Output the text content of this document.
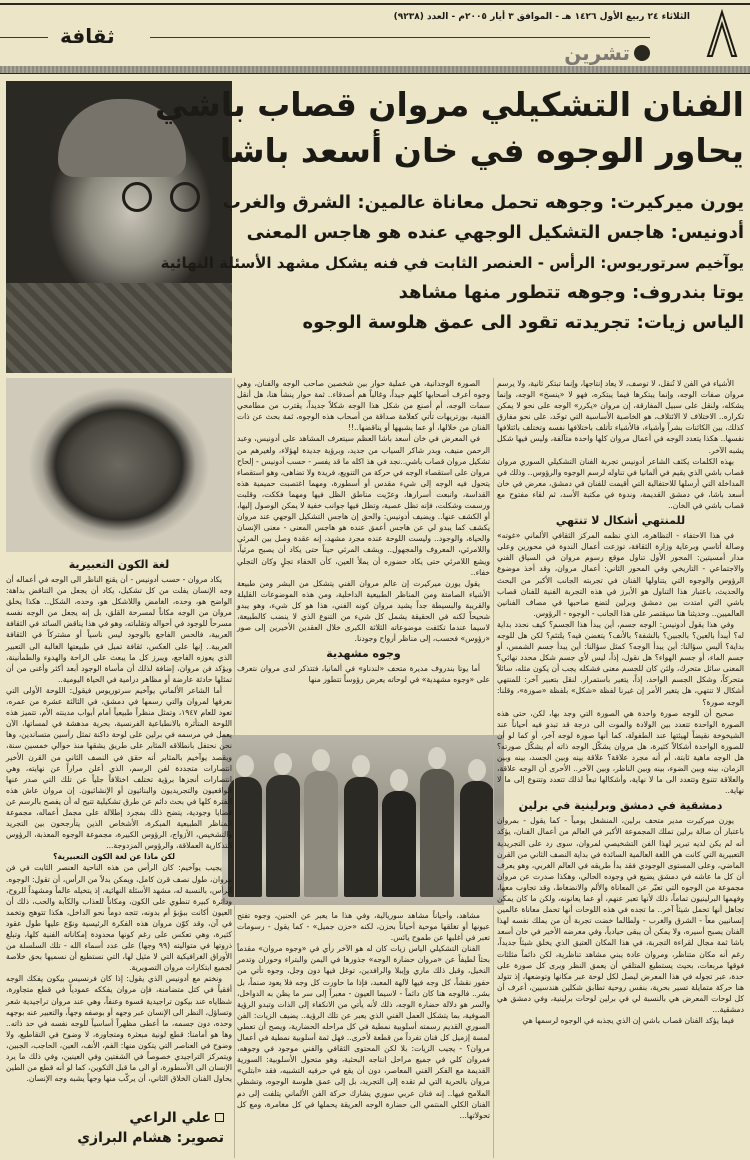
الثلاثاء ٢٤ ربيع الأول ١٤٢٦ هـ - الموافق ٣ أيار ٢٠٠٥م - العدد (٩٢٣٨)
ثقافة
تشرين
الفنان التشكيلي مروان قصاب باشي
يحاور الوجوه في خان أسعد باشا
يورن ميركيرت: وجوهه تحمل معاناة عالمين: الشرق والغرب
أدونيس: هاجس التشكيل الوجهي عنده هو هاجس المعنى
يوآخيم سرتوريوس: الرأس - العنصر الثابت في فنه يشكل مشهد الأسئلة النهائية
يوتا بندروف: وجوهه تتطور منها مشاهد
الياس زيات: تجريدته تقود الى عمق هلوسة الوجوه

الأشياء في الفن لا تُنقل، لا توصف، لا يعاد إنتاجها، وإنما تبتكر ثانية، ولا يرسم مروان صفات الوجه، وإنما يبتكرها فيما يبتكره، فهو لا «ينسخ» الوجه، وإنما يشكله، ولنقل على سبيل المفارقة، إن مروان «يكرر» الوجه على نحو لا يمكن تكراره.. الاختلاف لا الائتلاف، هو الخاصية الأساسية التي توحّد، على نحو مفارق كذلك، بين الكائنات بشراً وأشياء، فالأشياء تأتلف باختلافها نفسه وتختلف بائتلافها نفسها.. هكذا يتعدد الوجه في أعمال مروان كلها واحدة متآلفة، وليس فيها شكل يشبه الآخر.

بهذه الكلمات يكثف الشاعر أدونيس تجربة الفنان التشكيلي السوري مروان قصاب باشي الذي يقيم في ألمانيا في تناوله لرسم الوجوه والرؤوس.. وذلك في المداخلة التي أرسلها للاحتفالية التي أقيمت للفنان في دمشق، معرض في خان أسعد باشا، في دمشق القديمة، وندوة في مكتبة الأسد، ثم لقاء مفتوح مع قصاب باشي في الخان..

للمنتهي أشكال لا تنتهي

في هذا الاحتفاء - التظاهرة، الذي نظمه المركز الثقافي الألماني «غوته» وصالة أتاسي وبرعاية وزارة الثقافة، توزعت أعمال الندوة في محورين وعلى مدار أمسيتين: المحور الأول تناول موقع رسوم مروان في السياق الفني والاجتماعي - التاريخي وفي المحور الثاني: أعمال مروان، وقد أخذ موضوع الرؤوس والوجوه التي يتناولها الفنان في تجربته الجانب الأكبر من البحث والحديث، باعتبار هذا التناول هو الأبرز في هذه التجربة الفنية للفنان قصاب باشي التي امتدت بين دمشق وبرلين لتضع صاحبها في مصاف الفنانين العالميين.. وحديثنا هنا سيقتصر على هذا الجانب - الوجوه - الرؤوس.

وفي هذا يقول أدونيس: الوجه جسم، أين يبدأ هذا الجسم؟ كيف نحدد بداية له؟ أيبدأ بالعين؟ بالجبين؟ بالشفة؟ بالأنف؟ يتغضن فيه؟ يلتئم؟ لكن هل للوجه بداية؟ أليس سؤالنا: أين يبدأ الوجه؟ كمثل سؤالنا: أين يبدأ جسم الشمس، أو جسم الماء، أو جسم الهواء؟ هل نقول، إذاً، ليس لأي جسم شكل محدد نهائي؟ المعنى سائل متحرك، ولئن كان للجسم معنى فشكله يجب أن يكون مثله، سائلاً متحركاً، وشكل الجسم الواحد، إذاً، يتغير باستمرار. لنقل بتعبير آخر: للمنتهي أشكال لا تنتهي، هل يتغير الأمر إن غيرنا لفظة «شكل» بلفظة «صورة»، وقلنا: الوجه صورة؟

صحيح أن للوجه صورة واحدة هي الصورة التي وجد بها، لكن، حتى هذه الصورة الواحدة تتعدد بين الولادة والموت الى درجة قد تبدو فيه أحياناً عند الشيخوخة نقيضاً لهيئتها عند الطفولة، كما أنها صورة لوجه آخر، أو كما لو أن للصورة الواحدة أشكالاً كثيرة، هل مروان يشكّل الوجه ذاته أم يشكّل صورته؟ هل الوجه ماهية ثابتة، أم أنه مجرد علاقة؟ علاقة بينه وبين الجسد، بينه وبين الزمان، بينه وبين الضوء، بينه وبين الناظر، وبين الآخر.. الأحرى أن الوجه علاقة، والعلاقة تتنوع وتتعدد الى ما لا نهاية، وأشكالها تبعاً لذلك تتعدد وتتنوع إلى ما لا نهاية..

دمشقية في دمشق وبرلينية في برلين

يورن ميركيرت مدير متحف برلين، المنشغل يومياً - كما يقول - بمروان باعتبار أن صالة برلين تملك المجموعة الأكبر في العالم من أعمال الفنان، يؤكد أنه لم يكن لديه تبرير لهذا الفن التشخيصي لمروان، سوى رد على التجريدية التعبيرية التي كانت هي اللغة العالمية السائدة في بداية النصف الثاني من القرن الماضي، وعلى المستوى الوجودي فقد بدأ طريقه في العالم الغربي، وهو يعرف أن كل ما عاشه في دمشق يضيع في وجوده الحالي، وهكذا صدرت عن مروان مجموعة من الوجوه التي تعبّر عن المعاناة والألم والانضغاط، وقد تجاوب معها، وفهمها البرلينيون تماماً، ذلك لأنها تعبر عنهم، أو عما يعانونه، ولكن ما كان يمكن تجاهل أنها تحمل شيئاً آخر.. ما تجده في هذه اللوحات أنها تحمل معاناة عالمين إنسانيين معاً - الشرق والغرب - ولطالما خضت تجربة أن من يملك نفسه لهذا الفنان يصبح أسيره، ولا يمكن أن يبقى حيادياً، وفي معرضه الأخير في خان أسعد باشا ثمة مجال لقراءة التجربة، في هذا المكان العتيق الذي يخلق شيئاً جديداً، رغم أنه مكان متناظر، ومروان عادة يبني مشاهد تناظرية، لكن دائماً مثلثات فوقها مربعات، بحيث يستطيع المتلقي أن يعمق النظر ويرى كل صورة على حدة، عبر تجوله في هذا المعرض ليصل لكل لوحة عبر مكانها وتوضعها، إذ تتولد هنا حركة متمايلة تسير بحرية، بنفس روحية تطابق شكلين هندسيين، أعرف أن كل لوحات المعرض هي بالنسبة لي في برلين لوحات برلينية، وفي دمشق هي دمشقية...

فيما يؤكد الفنان قصاب باشي إن الذي يجذبه في الوجوه لرسمها هي

الصورة الوجدانية، هي عملية حوار بين شخصين صاحب الوجه والفنان، وهي وجوه أعرف أصحابها كلهم جيداً، وغالباً هم أصدقاء.. ثمة حوار ينشأ هنا، هل أنقل سمات الوجه، أم أصنع من شكل هذا الوجه شكلاً جديداً، يقترب من مطامحي الفنية، بورتريهات تأتي كعلامة صداقة من أصحاب هذه الوجوه، ثمة بحث عن ذات الفنان من خلالها، أو عما يشبهها أو يناقضها..!!

في المعرض في خان أسعد باشا العظم سيتعرف المشاهد على أدونيس، وعبد الرحمن منيف، وبدر شاكر السياب من جديد، وبرؤية جديدة لهؤلاء، ولغيرهم من تشكيل مروان قصاب باشي..نجد في هذ اكله ما قد يفسر - حسب أدونيس - إلحاح مروان على استقصاء الوجه في حركة من التنويع، فريدة ولا تضاهى، وهو استقصاء يتحول فيه الوجه إلى شيء مقدس أو أسطورة، ومهما اغتصبت حميمية هذه القداسة، وانبعت أسرارها، وعرّيت مناطق الظل فيها ومهما فككت، وقلبت ورسمت وشكلت، فإنه تظل عصية، وتظل فيها جوانب خفية لا يمكن الوصول إليها، أو الكشف عنها.. ويضيف أدونيس: والحق إن هاجس التشكيل الوجهي عند مروان يكشف كما يبدو لي عن هاجس أعمق عنده هو هاجس المعنى - معنى الإنسان والحياة، والوجود.. وليست اللوحة عنده مجرد مشهد، إنه عقدة وصل بين المرئي واللامرئي، المعروف والمجهول.. ويشف المرئي حيناً حتى يكاد أن يصبح مرئياً، ويشع اللامرئي حتى يكاد حضوره أن يملأ العين، كأن الخفاء تجلٍ وكان التجلي خفاء..

يقول يورن ميركيرت إن عالم مروان الفني يتشكل من البشر ومن طبيعة الأشياء الصامتة ومن المناظر الطبيعية الداخلية، ومن هذه الموضوعات القليلة والقريبة والبسيطة جداً يشيد مروان كونه الفني، هذا هو كل شيء، وهو يبدو شحيحاً لكنه في الحقيقة يشمل كل شيء من التنوع الذي لا ينضب كالطبيعة، لاسيما عندما تكثفت موضوعاته الثلاثة الكبرى خلال العقدين الأخيرين إلى صور «رؤوس» فحسب، إلى مناظر أرواح وجودنا.

وجوه مشهدية

أما يوتا بندروف مديرة متحف «لندناو» في ألمانيا، فتتذكر لدى مروان نتعرف على «وجوه مشهدية» في لوحاته يعرض رؤوساً تتطور منها

مشاهد، وأحياناً مشاهد سوريالية، وفي هذا ما يعبر عن الحنين، وجوه تفتح عيونها أو تغلقها موحية أحياناً بحزن، لكنه «حزن جميل» - كما يقول - رسومات تعبر في أغلبها عن طموح يائس.

الفنان التشكيلي الياس زيات كان له هو الآخر رأي في «وجوه مروان» مقدماً بحثاً لطيفاً عن «مروان حضارة الوجه» جذورها في اليمن والبتراء وحوران وتدمر النخيل، وقبل ذلك ماري وإيبلا والرافدين، توغل فيها دون وجل، وجوه تأتي من حفور نقشاً، كل وجه فيها لآلهة المعبد، فإذا ما حاورت كل وجه فلا يعود صنماً، بل بشر.. فالوجه هنا كان دائماً - لاسيما العيون - معبراً إلى سر ما يظن به الدواخل، والسر هو دلالة حضارة الوجه، ذلك لأنه يأتي من الانكفاء إلى الذات وتبدو الرؤية الصوفية، بما يتشكل العمل الفني الذي يعبر عن تلك الرؤية.. يضيف الزيات: الفن السوري القديم رسمته أسلوبية نمطية في كل مراحله الحضارية، ويصح أن تعطي لمسة إزميل كل فنان تفرداً من قطعة لأخرى.. فهل ثمة أسلوبية نمطية في أعمال مروان؟ - يجيب الزيات: بلا لكن المحتوى الثقافي والفني موجود في وجوهه، فمروان كلي في جميع مراحل انتاجه البحثية، وهو متحول الأسلوبية: السورية القديمة مع الفكر الفني المعاصر، دون أن يقع في حرفيه التشبيه، فقد «ابتلي» مروان بالحرية التي لم تقده إلى التجريد، بل إلى عمق هلوسة الوجوه، وتشظي الملامح فيها.. إنه فنان عربي سوري يشارك حركة الفن الألماني يتلفت إلى دم الفنان الكلي المنتمي الى حضارة الوجه العريقة يحملها في كل مغامرة، ومع كل تحولاتها...

لغة الكون التعبيرية

يكاد مروان - حسب أدونيس - أن يقنع الناظر الى الوجه في أعماله أن وجه الإنسان يفلت من كل تشكيل، يكاد أن يجعل من التناقض بداهة: الواضح هو، وحده، الغامض واللاشكل هو، وحده، الشكل.. هكذا يخلق مروان من الوجه مكاناً لمسرحة القلق، بل إنه يجعل من الوجه نفسه مسرحاً للوجود في أحواله وتقلباته، وهو في هذا يناقض السائد في الثقافة العربية، فالحس الفاجع بالوجود ليس ناسياً أو مشتركاً في الثقافة العربية.. إنها على العكس، ثقافة تميل في طبيعتها الغالبة الى التعبير الذي يعوزه الفاجع، ويبرز كل ما يبعث على الراحة والهدوء والطمأنينة، ويؤكد فن مروان، إضافة لذلك أن مأساة الوجود أبعد أكثر وأغنى من أن تمثلها حادثة عارضة أو مظاهر درامية في الحياة اليومية..

أما الشاعر الألماني يوآخيم سرتوريوس فيقول: اللوحة الأولى التي نعرفها لمروان والتي رسمها في دمشق، في الثالثة عشرة من عمره، تعود للعام ١٩٤٧، وتمثل منظراً طبيعياً أمام أبواب مدينته الأم، تتميز هذه اللوحة المتأثرة بالانطباعية الفرنسية، بحرية مدهشة في لمساتها، الآن يعمل في مرسمه في برلين على لوحة داكنة تمثل رأسين متساندين، وها نحن نحتفل بانطلاقه المثابر على طريق يشقها منذ حوالي خمسين سنة، ويقصد يوآخيم بالمثابر أنه حقق في النصف الثاني من القرن الأخير انتصارات متجددة لفن الرسم، الذي أعلن مراراً عن نهايته، وهي انتصارات أنجزها برؤية تختلف اختلافاً جلياً عن تلك التي صدر عنها الواقعيون والتجريديون والبنائيون أو الإنشائيون. إن مروان عاش هذه الفترة كلها في بحث دائم عن طرق تشكيلية تتيح له أن يفصح بالرسم عن قضايا وجودية، يتضح ذلك بمجرد إطلالة على مجمل أعماله، مجموعة المناظر الطبيعية المبكرة، الأشخاص الذين يتأرجحون بين التجريد والتشخيص، الأزواج، الرؤوس الكبيرة، مجموعة الوجوه المعذبة، الرؤوس التذكارية العملاقة، والرؤوس المزدوجة...

لكن ماذا عن لغة الكون التعبيرية؟

يجيب يوآخيم: كان الرأس من هذه الناحية العنصر الثابت في فن مروان، طول نصف قرن كامل، ويمكن بدلاً من الرأس، أن تقول: الوجوه. الرأس، بالنسبة له، مشهد الأسئلة النهائية، إذ يتخيله عالماً ومشهداً للروح، ودائرة كبيرة تنطوي على الكون، ومكاناً للعذاب والكآبة والحب، ذلك أن العيون أكانت ببؤبؤ أم بدونه، تتجه دوماً نحو الداخل، هكذا تتوهج وتخمد في آن، وقد كوّن مروان هذه الفكرة الرئيسية ونوّع عليها طول عقود كثيرة، وهي تعكس على رغم كونها محدودة إمكاناته الفنية كلها، وتبلغ ذروتها في متواليته (٩٩ وجها) على عدد أسماء الله - تلك السلسلة من الأوراق الغرافيكية التي لا مثيل لها، التي نستطيع أن نسميها بحق خلاصة لجميع ابتكارات مروان التصويرية.

ونختم مع أدونيس الذي يقول: إذا كان فرنسيس بيكون يفكك الوجه أفقياً في كتل متضامنة، فإن مروان يفككه عمودياً في قطع متجاورة، شظاياه عند بيكون تراجيدية قسوة وعنفاً، وهي عند مروان تراجيدية شعر وتساؤل، النظر الى الإنسان عبر وجهه أو بوصفه وجهاً، والتعبير عنه بوجهه وحده، دون جسمه، ما أعطى مظهراً أساسياً للوجه نفسه في حد ذاته.. وها هو أمامنا: قطع لونية مبعثرة ومتجاورة، لا وضوح في التقاطيع، ولا وضوح في العناصر التي يتكون منها: الفم، الأنف، العين، الحاجب، الجبين، ويتمركز التراجيدي خصوصاً في الشفتين وفي العينين، وفي ذلك ما يرد الإنسان الى الأسطورة، أو الى ما قبل التكوين، كما لو أنه قطع من الطين يحاول الفنان الخلاق الثاني، أن يركّب منها وجهاً يشبه وجه الإنسان.

علي الراعي
تصوير: هشام البرازي
